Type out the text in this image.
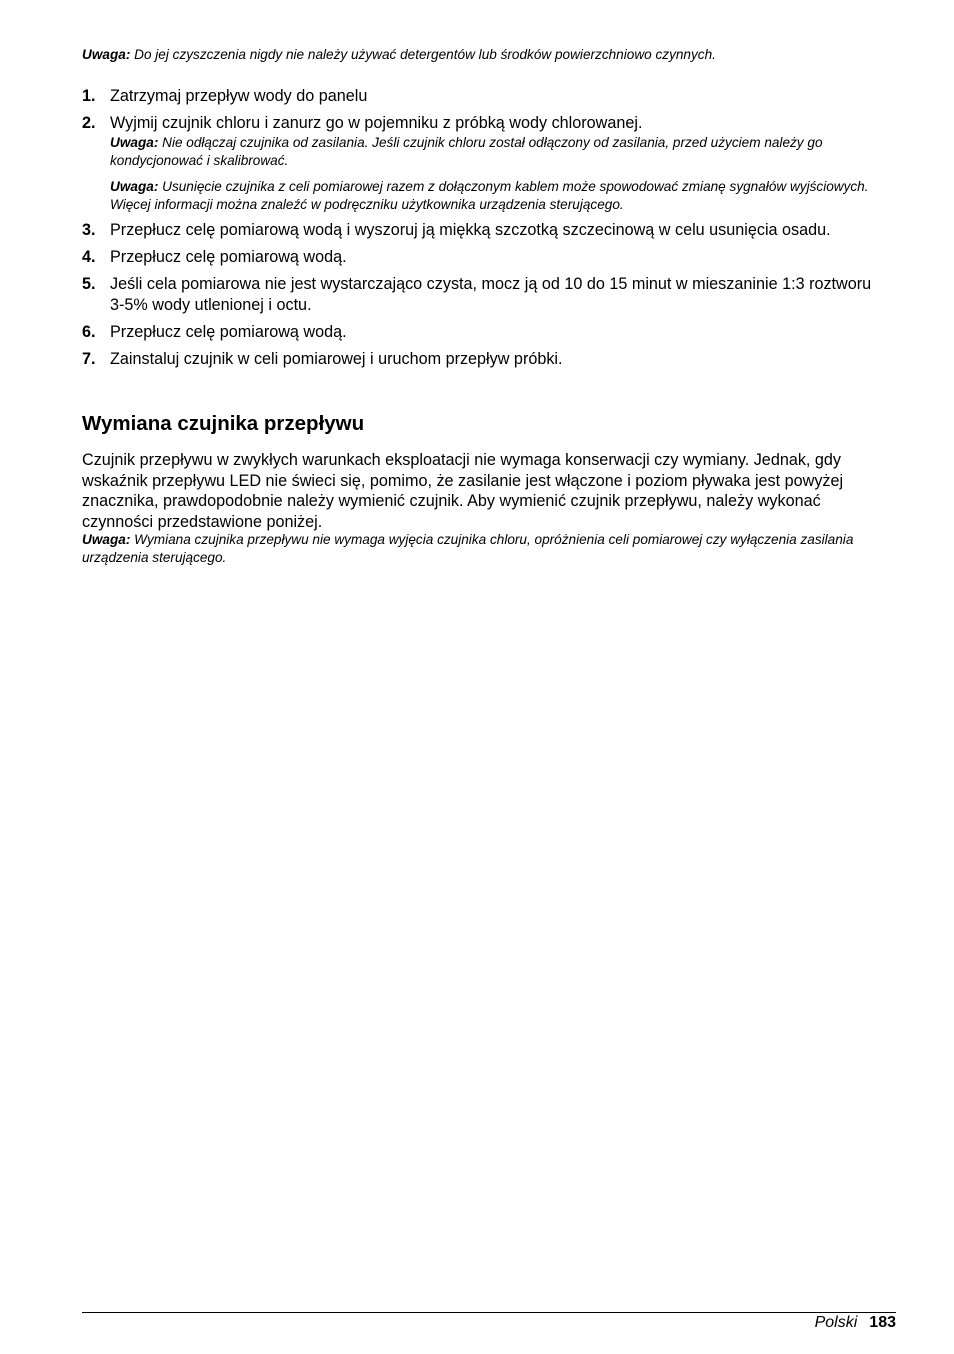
Uwaga: Do jej czyszczenia nigdy nie należy używać detergentów lub środków powierzchniowo czynnych.
1. Zatrzymaj przepływ wody do panelu
2. Wyjmij czujnik chloru i zanurz go w pojemniku z próbką wody chlorowanej.
Uwaga: Nie odłączaj czujnika od zasilania. Jeśli czujnik chloru został odłączony od zasilania, przed użyciem należy go kondycjonować i skalibrować.
Uwaga: Usunięcie czujnika z celi pomiarowej razem z dołączonym kablem może spowodować zmianę sygnałów wyjściowych. Więcej informacji można znaleźć w podręczniku użytkownika urządzenia sterującego.
3. Przepłucz celę pomiarową wodą i wyszoruj ją miękką szczotką szczecinową w celu usunięcia osadu.
4. Przepłucz celę pomiarową wodą.
5. Jeśli cela pomiarowa nie jest wystarczająco czysta, mocz ją od 10 do 15 minut w mieszaninie 1:3 roztworu 3-5% wody utlenionej i octu.
6. Przepłucz celę pomiarową wodą.
7. Zainstaluj czujnik w celi pomiarowej i uruchom przepływ próbki.
Wymiana czujnika przepływu

Czujnik przepływu w zwykłych warunkach eksploatacji nie wymaga konserwacji czy wymiany. Jednak, gdy wskaźnik przepływu LED nie świeci się, pomimo, że zasilanie jest włączone i poziom pływaka jest powyżej znacznika, prawdopodobnie należy wymienić czujnik. Aby wymienić czujnik przepływu, należy wykonać czynności przedstawione poniżej.

Uwaga: Wymiana czujnika przepływu nie wymaga wyjęcia czujnika chloru, opróżnienia celi pomiarowej czy wyłączenia zasilania urządzenia sterującego.
Polski 183
